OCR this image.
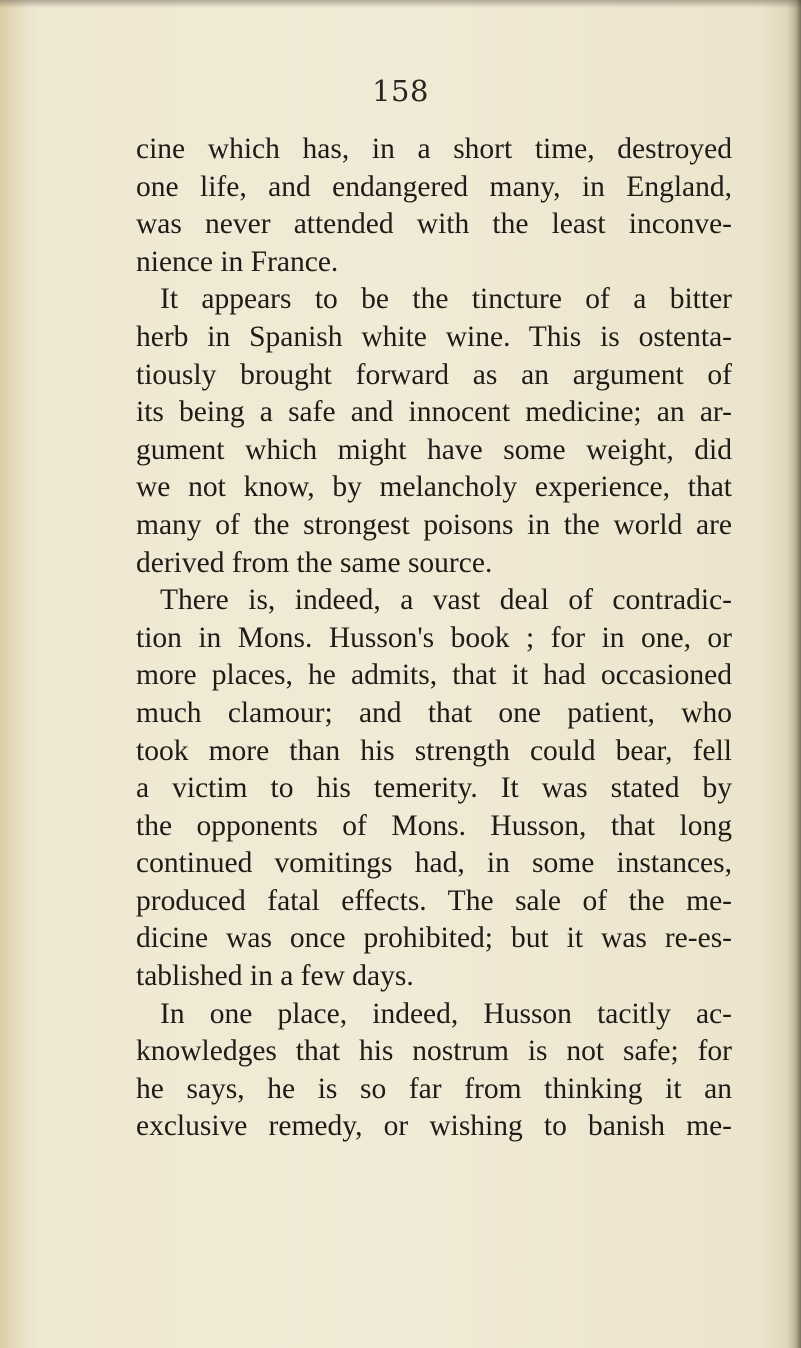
158
cine which has, in a short time, destroyed
one life, and endangered many, in England,
was never attended with the least inconve-
nience in France.
It appears to be the tincture of a bitter
herb in Spanish white wine. This is ostenta-
tiously brought forward as an argument of
its being a safe and innocent medicine; an ar-
gument which might have some weight, did
we not know, by melancholy experience, that
many of the strongest poisons in the world are
derived from the same source.
There is, indeed, a vast deal of contradic-
tion in Mons. Husson's book ; for in one, or
more places, he admits, that it had occasioned
much clamour; and that one patient, who
took more than his strength could bear, fell
a victim to his temerity. It was stated by
the opponents of Mons. Husson, that long
continued vomitings had, in some instances,
produced fatal effects. The sale of the me-
dicine was once prohibited; but it was re-es-
tablished in a few days.
In one place, indeed, Husson tacitly ac-
knowledges that his nostrum is not safe; for
he says, he is so far from thinking it an
exclusive remedy, or wishing to banish me-
